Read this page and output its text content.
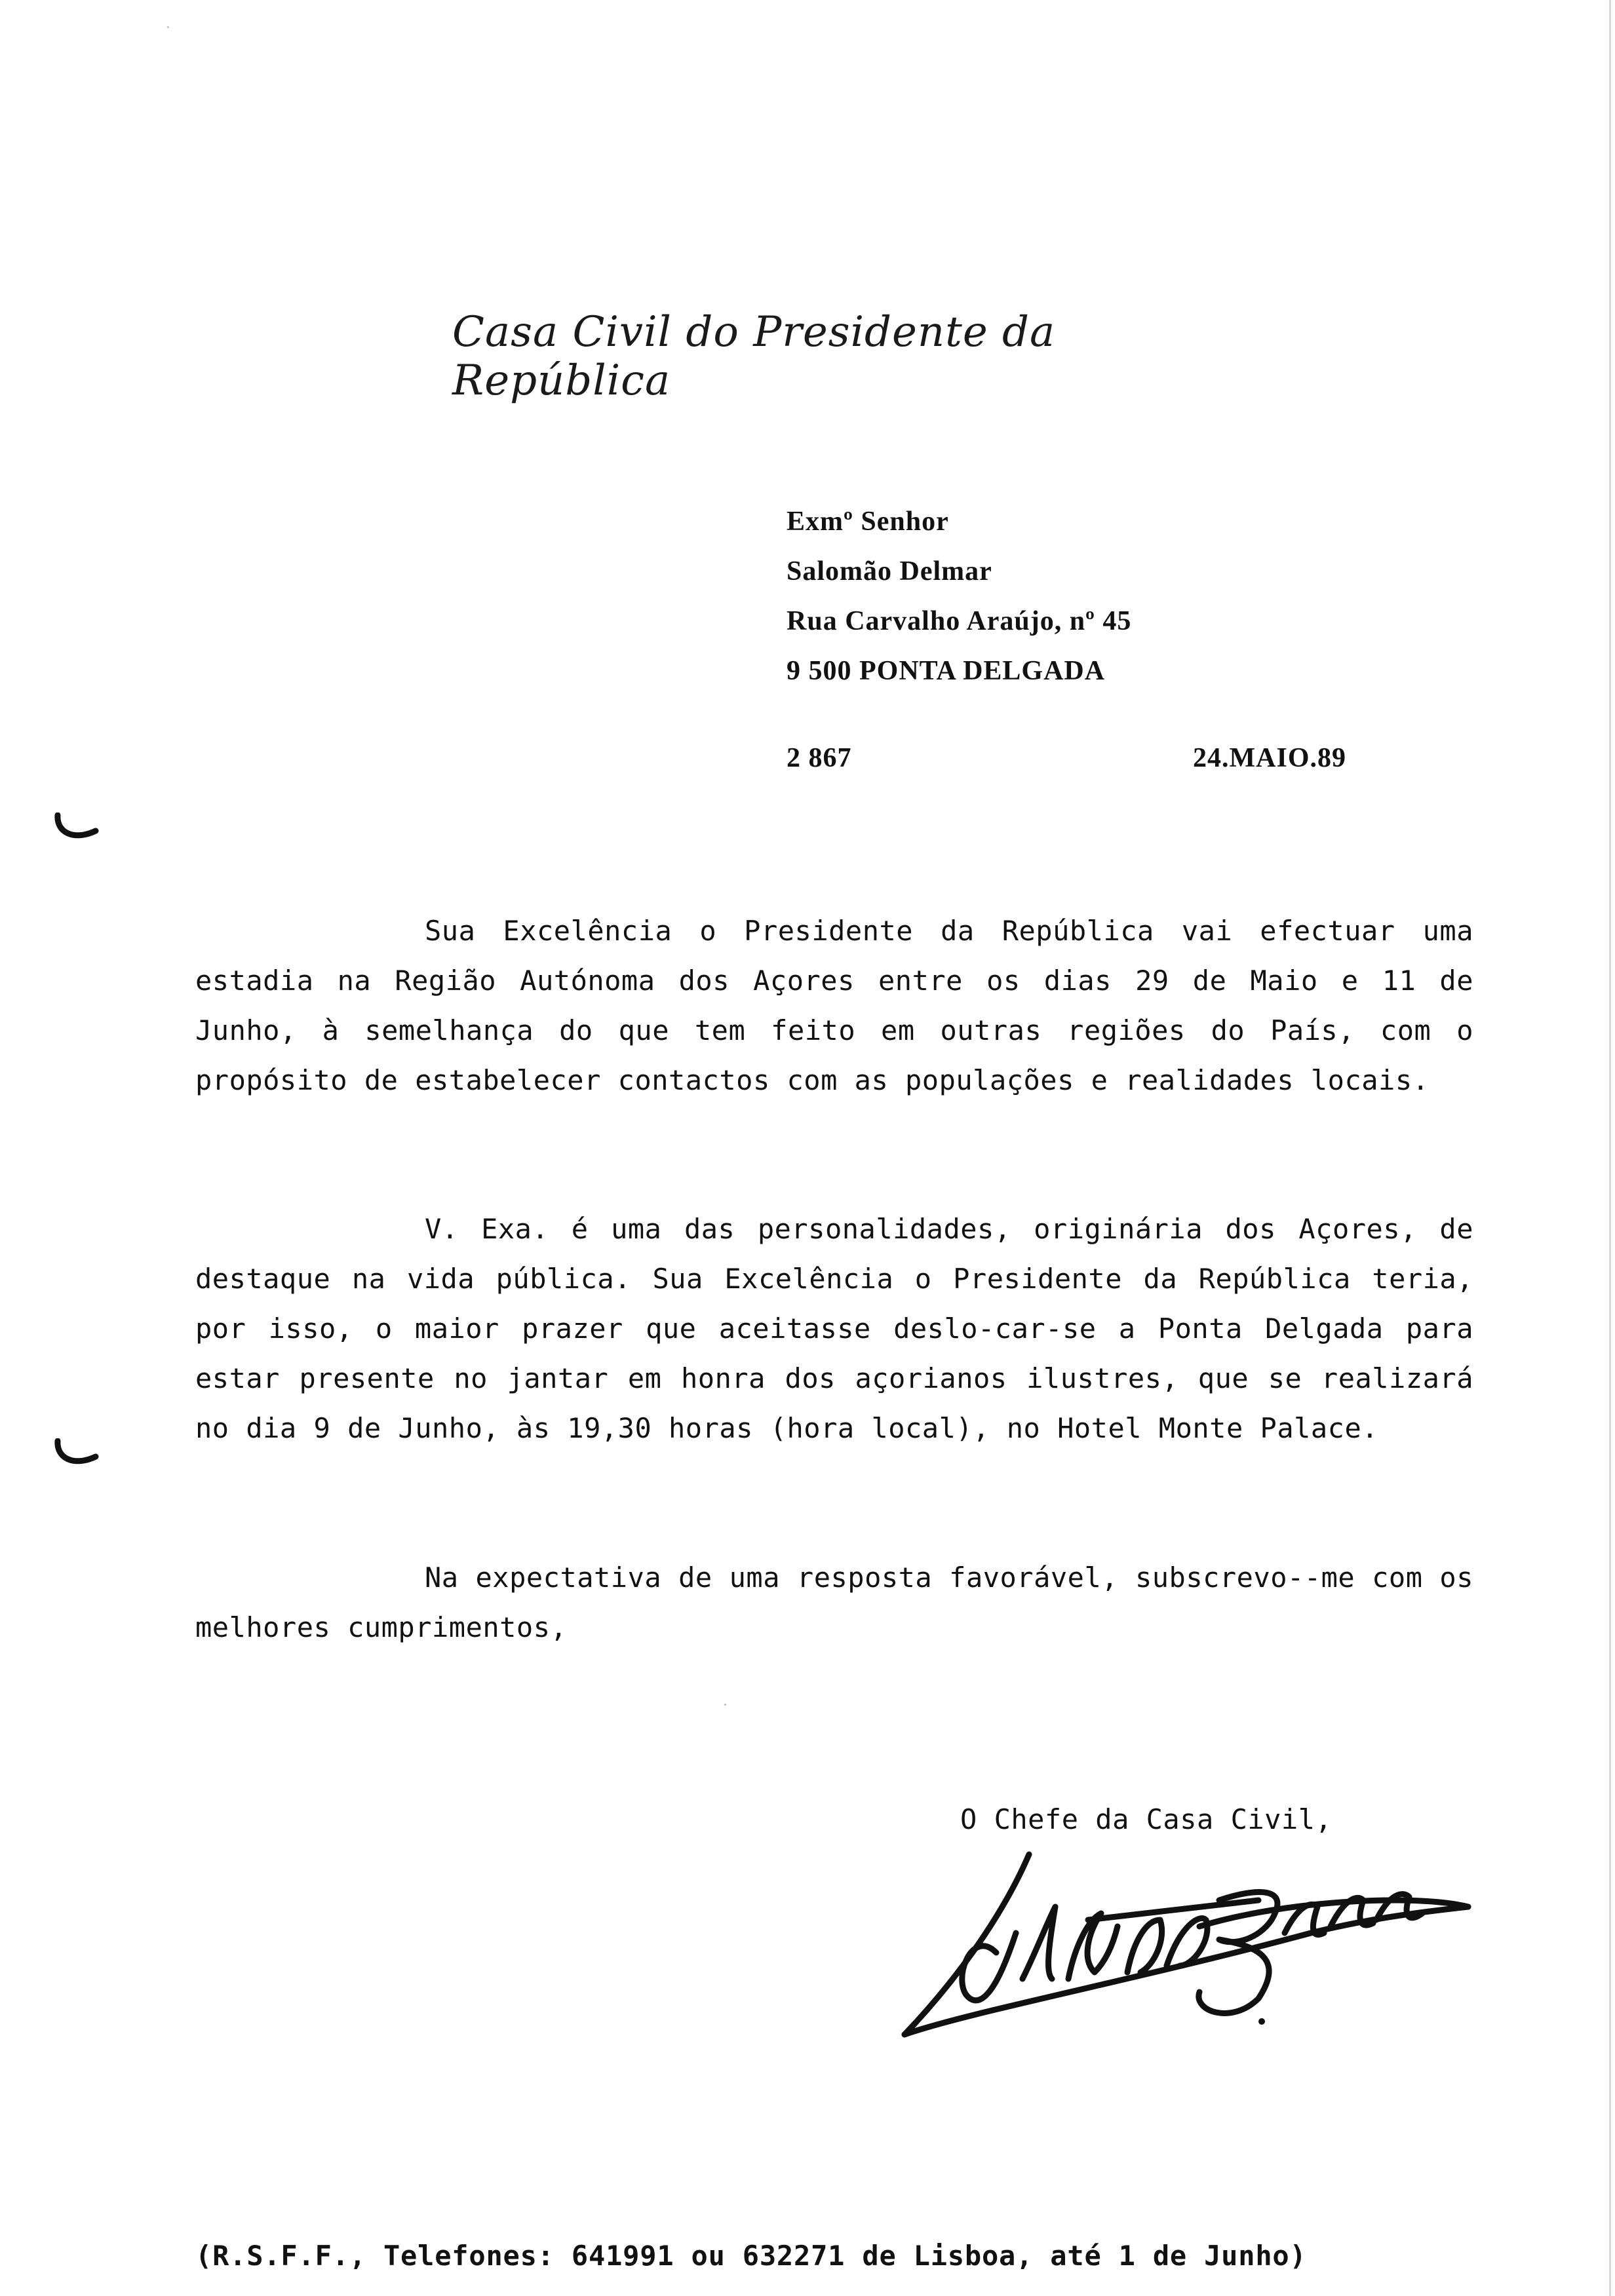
Casa Civil do Presidente da República
Exmº Senhor
Salomão Delmar
Rua Carvalho Araújo, nº 45
9 500 PONTA DELGADA
2 867	24.MAIO.89
Sua Excelência o Presidente da República vai efectuar uma estadia na Região Autónoma dos Açores entre os dias 29 de Maio e 11 de Junho, à semelhança do que tem feito em outras regiões do País, com o propósito de estabelecer contactos com as populações e realidades locais.
V. Exa. é uma das personalidades, originária dos Açores, de destaque na vida pública. Sua Excelência o Presidente da República teria, por isso, o maior prazer que aceitasse deslo-car-se a Ponta Delgada para estar presente no jantar em honra dos açorianos ilustres, que se realizará no dia 9 de Junho, às 19,30 horas (hora local), no Hotel Monte Palace.
Na expectativa de uma resposta favorável, subscrevo--me com os melhores cumprimentos,
O Chefe da Casa Civil,
(R.S.F.F., Telefones: 641991 ou 632271 de Lisboa, até 1 de Junho)
